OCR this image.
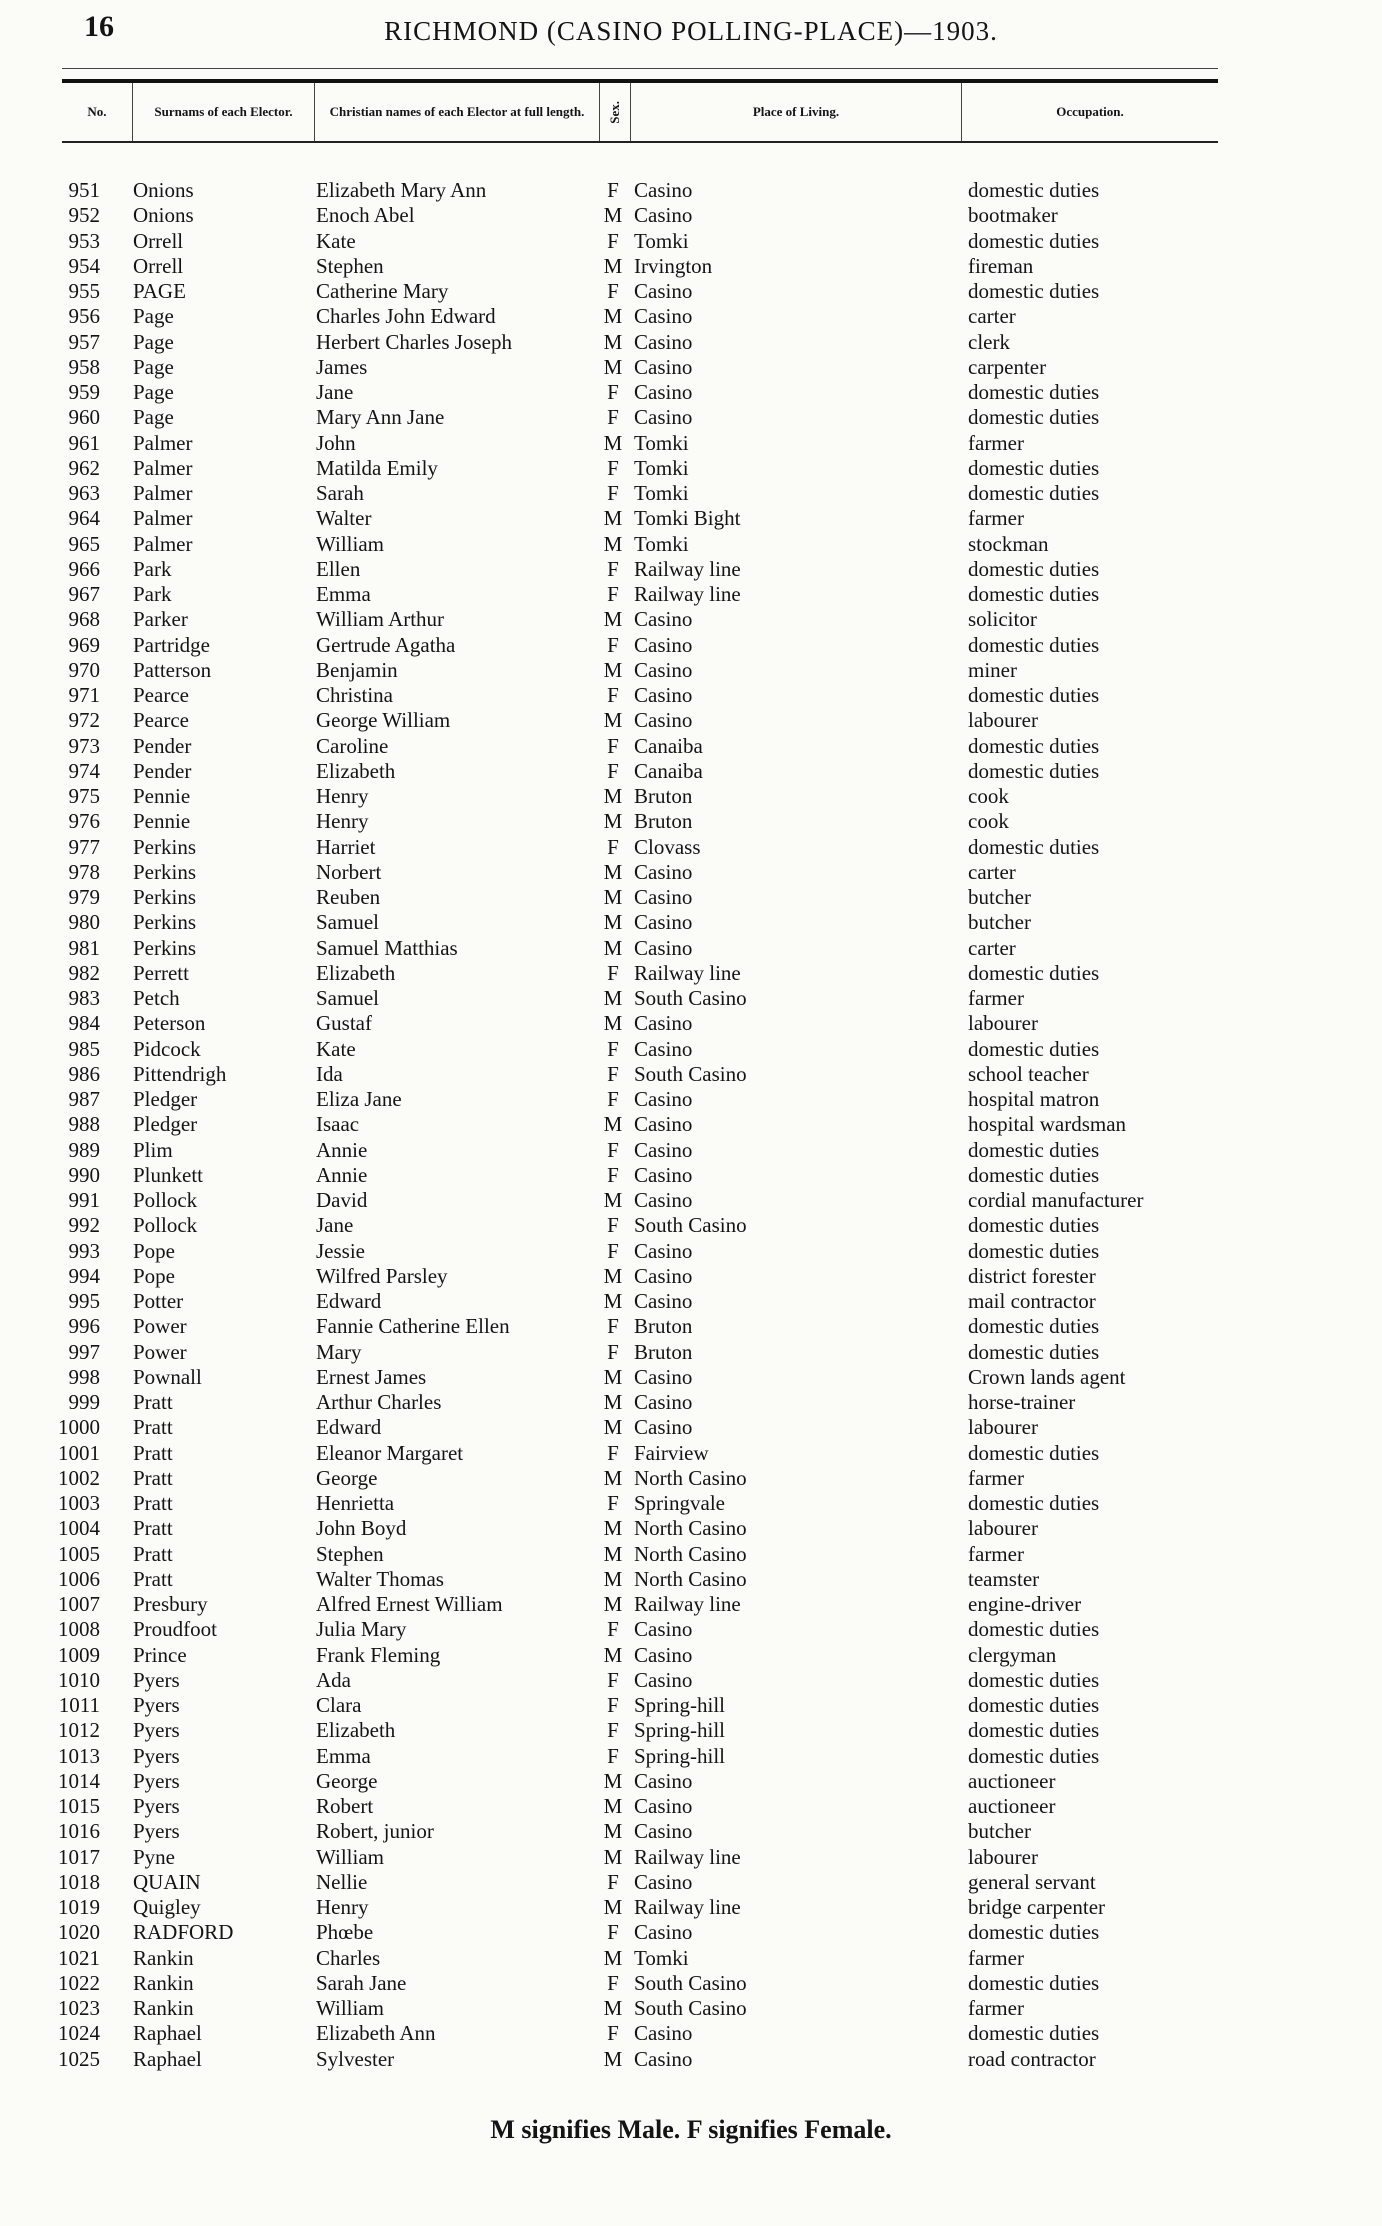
16	RICHMOND (CASINO POLLING-PLACE)—1903.
No.	Surnams of each Elector.	Christian names of each Elector at full length.	Sex.	Place of Living.	Occupation.
951 Onions	Elizabeth Mary Ann	F Casino	domestic duties
952 Onions	Enoch Abel	M Casino	bootmaker
953 Orrell	Kate	F Tomki	domestic duties
954 Orrell	Stephen	M Irvington	fireman
955 PAGE	Catherine Mary	F Casino	domestic duties
956 Page	Charles John Edward	M Casino	carter
957 Page	Herbert Charles Joseph	M Casino	clerk
958 Page	James	M Casino	carpenter
959 Page	Jane	F Casino	domestic duties
960 Page	Mary Ann Jane	F Casino	domestic duties
961 Palmer	John	M Tomki	farmer
962 Palmer	Matilda Emily	F Tomki	domestic duties
963 Palmer	Sarah	F Tomki	domestic duties
964 Palmer	Walter	M Tomki Bight	farmer
965 Palmer	William	M Tomki	stockman
966 Park	Ellen	F Railway line	domestic duties
967 Park	Emma	F Railway line	domestic duties
968 Parker	William Arthur	M Casino	solicitor
969 Partridge	Gertrude Agatha	F Casino	domestic duties
970 Patterson	Benjamin	M Casino	miner
971 Pearce	Christina	F Casino	domestic duties
972 Pearce	George William	M Casino	labourer
973 Pender	Caroline	F Canaiba	domestic duties
974 Pender	Elizabeth	F Canaiba	domestic duties
975 Pennie	Henry	M Bruton	cook
976 Pennie	Henry	M Bruton	cook
977 Perkins	Harriet	F Clovass	domestic duties
978 Perkins	Norbert	M Casino	carter
979 Perkins	Reuben	M Casino	butcher
980 Perkins	Samuel	M Casino	butcher
981 Perkins	Samuel Matthias	M Casino	carter
982 Perrett	Elizabeth	F Railway line	domestic duties
983 Petch	Samuel	M South Casino	farmer
984 Peterson	Gustaf	M Casino	labourer
985 Pidcock	Kate	F Casino	domestic duties
986 Pittendrigh	Ida	F South Casino	school teacher
987 Pledger	Eliza Jane	F Casino	hospital matron
988 Pledger	Isaac	M Casino	hospital wardsman
989 Plim	Annie	F Casino	domestic duties
990 Plunkett	Annie	F Casino	domestic duties
991 Pollock	David	M Casino	cordial manufacturer
992 Pollock	Jane	F South Casino	domestic duties
993 Pope	Jessie	F Casino	domestic duties
994 Pope	Wilfred Parsley	M Casino	district forester
995 Potter	Edward	M Casino	mail contractor
996 Power	Fannie Catherine Ellen	F Bruton	domestic duties
997 Power	Mary	F Bruton	domestic duties
998 Pownall	Ernest James	M Casino	Crown lands agent
999 Pratt	Arthur Charles	M Casino	horse-trainer
1000 Pratt	Edward	M Casino	labourer
1001 Pratt	Eleanor Margaret	F Fairview	domestic duties
1002 Pratt	George	M North Casino	farmer
1003 Pratt	Henrietta	F Springvale	domestic duties
1004 Pratt	John Boyd	M North Casino	labourer
1005 Pratt	Stephen	M North Casino	farmer
1006 Pratt	Walter Thomas	M North Casino	teamster
1007 Presbury	Alfred Ernest William	M Railway line	engine-driver
1008 Proudfoot	Julia Mary	F Casino	domestic duties
1009 Prince	Frank Fleming	M Casino	clergyman
1010 Pyers	Ada	F Casino	domestic duties
1011 Pyers	Clara	F Spring-hill	domestic duties
1012 Pyers	Elizabeth	F Spring-hill	domestic duties
1013 Pyers	Emma	F Spring-hill	domestic duties
1014 Pyers	George	M Casino	auctioneer
1015 Pyers	Robert	M Casino	auctioneer
1016 Pyers	Robert, junior	M Casino	butcher
1017 Pyne	William	M Railway line	labourer
1018 QUAIN	Nellie	F Casino	general servant
1019 Quigley	Henry	M Railway line	bridge carpenter
1020 RADFORD	Phœbe	F Casino	domestic duties
1021 Rankin	Charles	M Tomki	farmer
1022 Rankin	Sarah Jane	F South Casino	domestic duties
1023 Rankin	William	M South Casino	farmer
1024 Raphael	Elizabeth Ann	F Casino	domestic duties
1025 Raphael	Sylvester	M Casino	road contractor
M signifies Male. F signifies Female.
